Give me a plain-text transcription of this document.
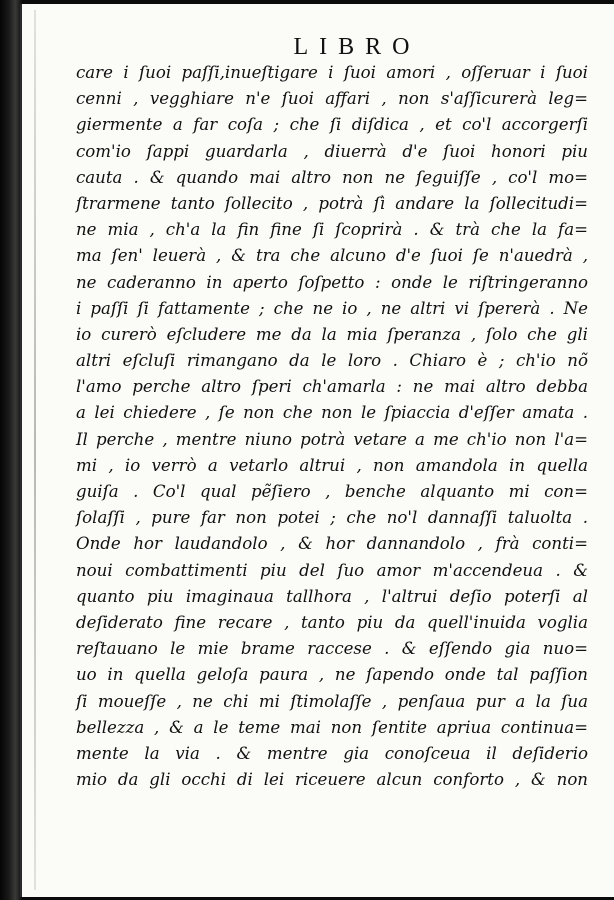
LIBRO
care i ſuoi paſſi,inueſtigare i ſuoi amori , oſſeruar i ſuoi
cenni , vegghiare n'e ſuoi affari , non s'aſſicurerà leg=
giermente a far coſa ; che ſi diſdica , et co'l accorgerſi
com'io ſappi guardarla , diuerrà d'e ſuoi honori piu
cauta . & quando mai altro non ne ſeguiſſe , co'l mo=
ſtrarmene tanto ſollecito , potrà ſì andare la ſollecitudi=
ne mia , ch'a la fin fine ſi ſcoprirà . & trà che la fa=
ma ſen' leuerà , & tra che alcuno d'e ſuoi ſe n'auedrà ,
ne caderanno in aperto ſoſpetto : onde le riſtringeranno
i paſſi ſi fattamente ; che ne io , ne altri vi ſpererà . Ne
io curerò eſcludere me da la mia ſperanza , ſolo che gli
altri eſcluſi rimangano da le loro . Chiaro è ; ch'io nõ
l'amo perche altro ſperi ch'amarla : ne mai altro debba
a lei chiedere , ſe non che non le ſpiaccia d'eſſer amata .
Il perche , mentre niuno potrà vetare a me ch'io non l'a=
mi , io verrò a vetarlo altrui , non amandola in quella
guiſa . Co'l qual pẽſiero , benche alquanto mi con=
ſolaſſi , pure far non potei ; che no'l dannaſſi taluolta .
Onde hor laudandolo , & hor dannandolo , frà conti=
noui combattimenti piu del ſuo amor m'accendeua . &
quanto piu imaginaua tallhora , l'altrui deſio poterſi al
deſiderato fine recare , tanto piu da quell'inuida voglia
reſtauano le mie brame raccese . & eſſendo gia nuo=
uo in quella geloſa paura , ne ſapendo onde tal paſſion
ſi moueſſe , ne chi mi ſtimolaſſe , penſaua pur a la ſua
bellezza , & a le teme mai non ſentite apriua continua=
mente la via . & mentre gia conoſceua il deſiderio
mio da gli occhi di lei riceuere alcun conforto , & non
